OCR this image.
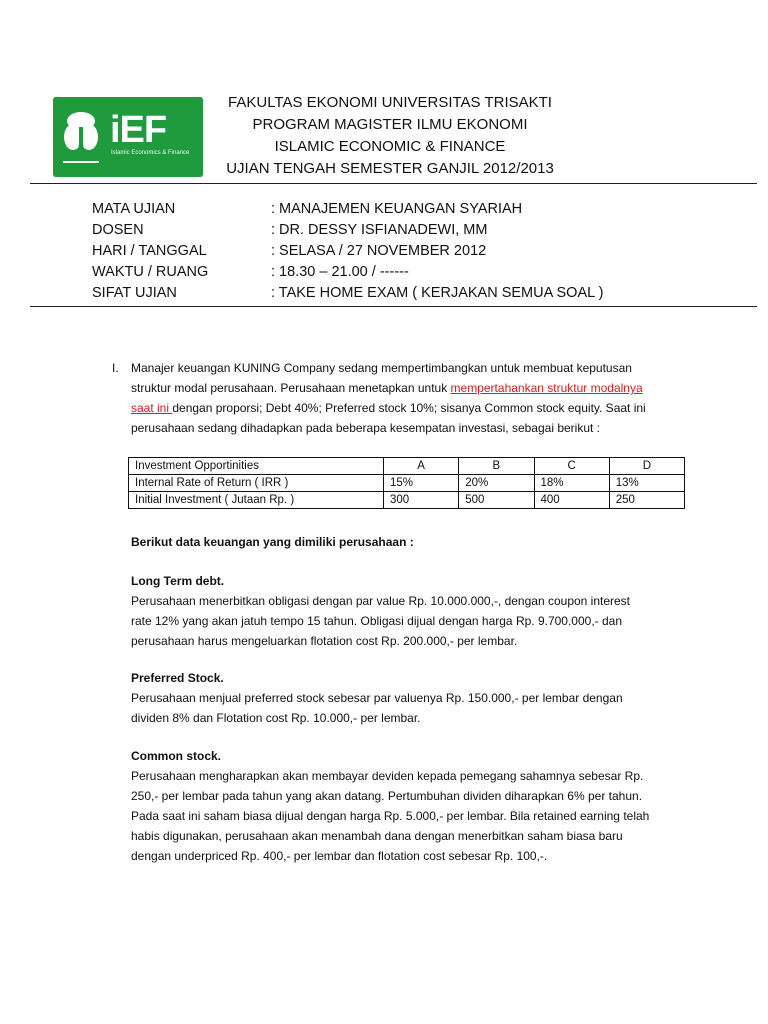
iEF
Islamic Economics & Finance
FAKULTAS EKONOMI UNIVERSITAS TRISAKTI
PROGRAM MAGISTER ILMU EKONOMI
ISLAMIC ECONOMIC & FINANCE
UJIAN TENGAH SEMESTER GANJIL 2012/2013
MATA UJIAN	: MANAJEMEN KEUANGAN SYARIAH
DOSEN	: DR. DESSY ISFIANADEWI, MM
HARI / TANGGAL	: SELASA / 27 NOVEMBER 2012
WAKTU / RUANG	: 18.30 – 21.00 / ------
SIFAT UJIAN	: TAKE HOME EXAM ( KERJAKAN SEMUA SOAL )
I. Manajer keuangan KUNING Company sedang mempertimbangkan untuk membuat keputusan
struktur modal perusahaan. Perusahaan menetapkan untuk mempertahankan struktur modalnya
saat ini dengan proporsi; Debt 40%; Preferred stock 10%; sisanya Common stock equity. Saat ini
perusahaan sedang dihadapkan pada beberapa kesempatan investasi, sebagai berikut :
Investment Opportinities	A	B	C	D
Internal Rate of Return ( IRR )	15%	20%	18%	13%
Initial Investment ( Jutaan Rp. )	300	500	400	250
Berikut data keuangan yang dimiliki perusahaan :
Long Term debt.
Perusahaan menerbitkan obligasi dengan par value Rp. 10.000.000,-, dengan coupon interest
rate 12% yang akan jatuh tempo 15 tahun. Obligasi dijual dengan harga Rp. 9.700.000,- dan
perusahaan harus mengeluarkan flotation cost Rp. 200.000,- per lembar.
Preferred Stock.
Perusahaan menjual preferred stock sebesar par valuenya Rp. 150.000,- per lembar dengan
dividen 8% dan Flotation cost Rp. 10.000,- per lembar.
Common stock.
Perusahaan mengharapkan akan membayar deviden kepada pemegang sahamnya sebesar Rp.
250,- per lembar pada tahun yang akan datang. Pertumbuhan dividen diharapkan 6% per tahun.
Pada saat ini saham biasa dijual dengan harga Rp. 5.000,- per lembar. Bila retained earning telah
habis digunakan, perusahaan akan menambah dana dengan menerbitkan saham biasa baru
dengan underpriced Rp. 400,- per lembar dan flotation cost sebesar Rp. 100,-.
